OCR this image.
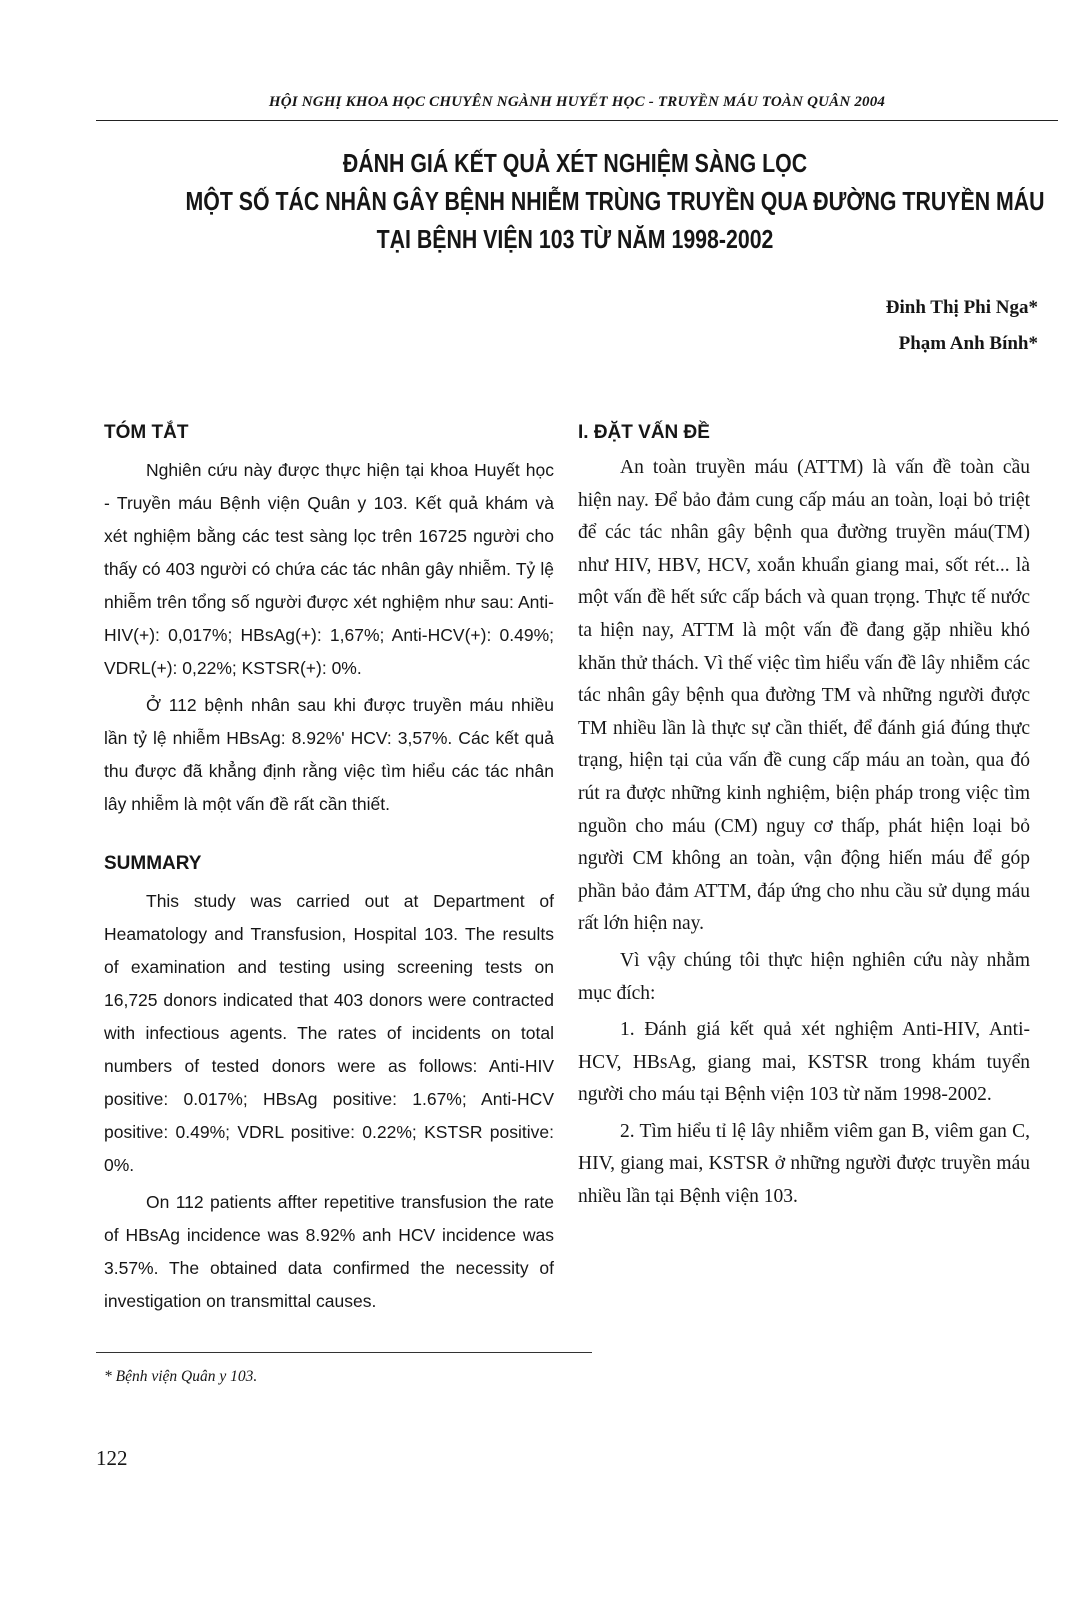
HỘI NGHỊ KHOA HỌC CHUYÊN NGÀNH HUYẾT HỌC - TRUYỀN MÁU TOÀN QUÂN 2004
ĐÁNH GIÁ KẾT QUẢ XÉT NGHIỆM SÀNG LỌC
MỘT SỐ TÁC NHÂN GÂY BỆNH NHIỄM TRÙNG TRUYỀN QUA ĐƯỜNG TRUYỀN MÁU
TẠI BỆNH VIỆN 103 TỪ NĂM 1998-2002
Đinh Thị Phi Nga*
Phạm Anh Bính*
TÓM TẮT

Nghiên cứu này được thực hiện tại khoa Huyết học - Truyền máu Bệnh viện Quân y 103. Kết quả khám và xét nghiệm bằng các test sàng lọc trên 16725 người cho thấy có 403 người có chứa các tác nhân gây nhiễm. Tỷ lệ nhiễm trên tổng số người được xét nghiệm như sau: Anti-HIV(+): 0,017%; HBsAg(+): 1,67%; Anti-HCV(+): 0.49%; VDRL(+): 0,22%; KSTSR(+): 0%.

Ở 112 bệnh nhân sau khi được truyền máu nhiều lần tỷ lệ nhiễm HBsAg: 8.92%' HCV: 3,57%. Các kết quả thu được đã khẳng định rằng việc tìm hiểu các tác nhân lây nhiễm là một vấn đề rất cần thiết.

SUMMARY

This study was carried out at Department of Heamatology and Transfusion, Hospital 103. The results of examination and testing using screening tests on 16,725 donors indicated that 403 donors were contracted with infectious agents. The rates of incidents on total numbers of tested donors were as follows: Anti-HIV positive: 0.017%; HBsAg positive: 1.67%; Anti-HCV positive: 0.49%; VDRL positive: 0.22%; KSTSR positive: 0%.

On 112 patients affter repetitive transfusion the rate of HBsAg incidence was 8.92% anh HCV incidence was 3.57%. The obtained data confirmed the necessity of investigation on transmittal causes.

I. ĐẶT VẤN ĐỀ

An toàn truyền máu (ATTM) là vấn đề toàn cầu hiện nay. Để bảo đảm cung cấp máu an toàn, loại bỏ triệt để các tác nhân gây bệnh qua đường truyền máu(TM) như HIV, HBV, HCV, xoắn khuẩn giang mai, sốt rét... là một vấn đề hết sức cấp bách và quan trọng. Thực tế nước ta hiện nay, ATTM là một vấn đề đang gặp nhiều khó khăn thử thách. Vì thế việc tìm hiểu vấn đề lây nhiễm các tác nhân gây bệnh qua đường TM và những người được TM nhiều lần là thực sự cần thiết, để đánh giá đúng thực trạng, hiện tại của vấn đề cung cấp máu an toàn, qua đó rút ra được những kinh nghiệm, biện pháp trong việc tìm nguồn cho máu (CM) nguy cơ thấp, phát hiện loại bỏ người CM không an toàn, vận động hiến máu để góp phần bảo đảm ATTM, đáp ứng cho nhu cầu sử dụng máu rất lớn hiện nay.

Vì vậy chúng tôi thực hiện nghiên cứu này nhằm mục đích:

1. Đánh giá kết quả xét nghiệm Anti-HIV, Anti-HCV, HBsAg, giang mai, KSTSR trong khám tuyển người cho máu tại Bệnh viện 103 từ năm 1998-2002.

2. Tìm hiểu tỉ lệ lây nhiễm viêm gan B, viêm gan C, HIV, giang mai, KSTSR ở những người được truyền máu nhiều lần tại Bệnh viện 103.

* Bệnh viện Quân y 103.
122
